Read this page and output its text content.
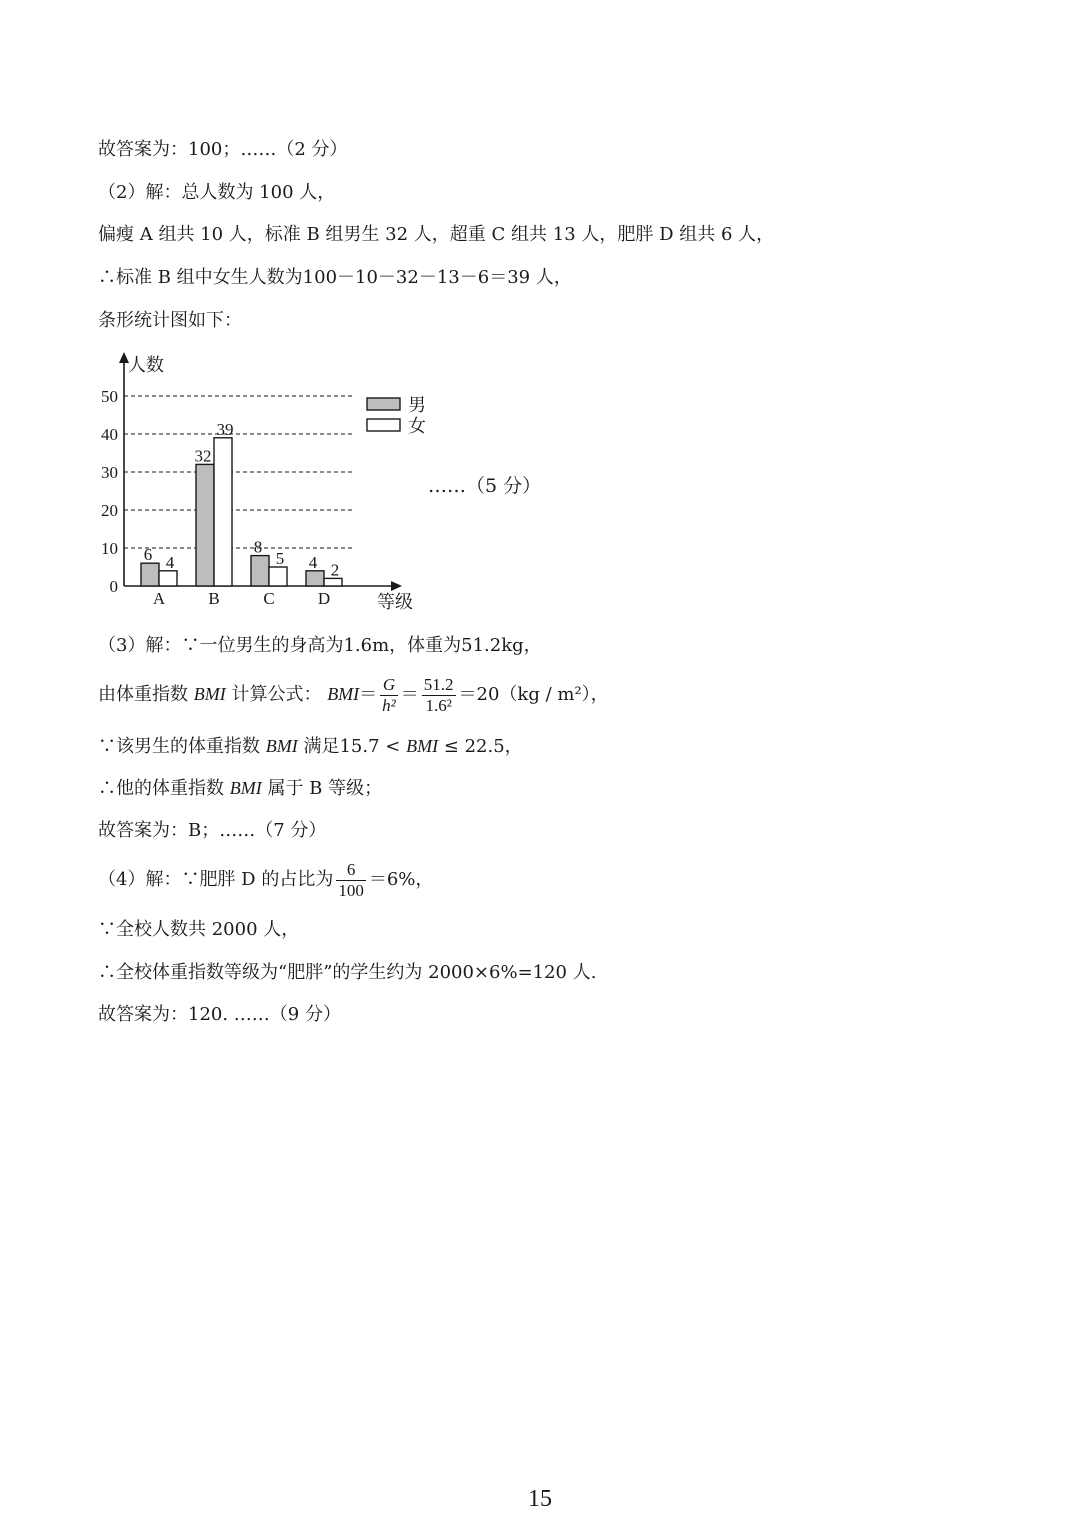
故答案为：100；……（2 分）
（2）解：总人数为 100 人，
偏瘦 A 组共 10 人，标准 B 组男生 32 人，超重 C 组共 13 人，肥胖 D 组共 6 人，
∴标准 B 组中女生人数为100－10－32－13－6＝39 人，
条形统计图如下：
0
10
20
30
40
50
人数
等级
6 4
A
32
39
B
8
5
C
4 2
D
男
女
……（5 分）
（3）解：∵一位男生的身高为1.6m，体重为51.2kg，
由体重指数 BMI 计算公式： $BMI= \frac{G}{\text{h²}} = \frac{51.2}{\text{1.6²}} =20(kg / m^2)$，
∵该男生的体重指数 BMI 满足15.7 < BMI ≤ 22.5，
∴他的体重指数 BMI 属于 B 等级；
故答案为：B；……（7 分）
（4）解：∵肥胖 D 的占比为 $\frac{6}{100} =6\%$，
∵全校人数共 2000 人，
∴全校体重指数等级为“肥胖”的学生约为 2000×6%=120 人.
故答案为：120. ……（9 分）
15
